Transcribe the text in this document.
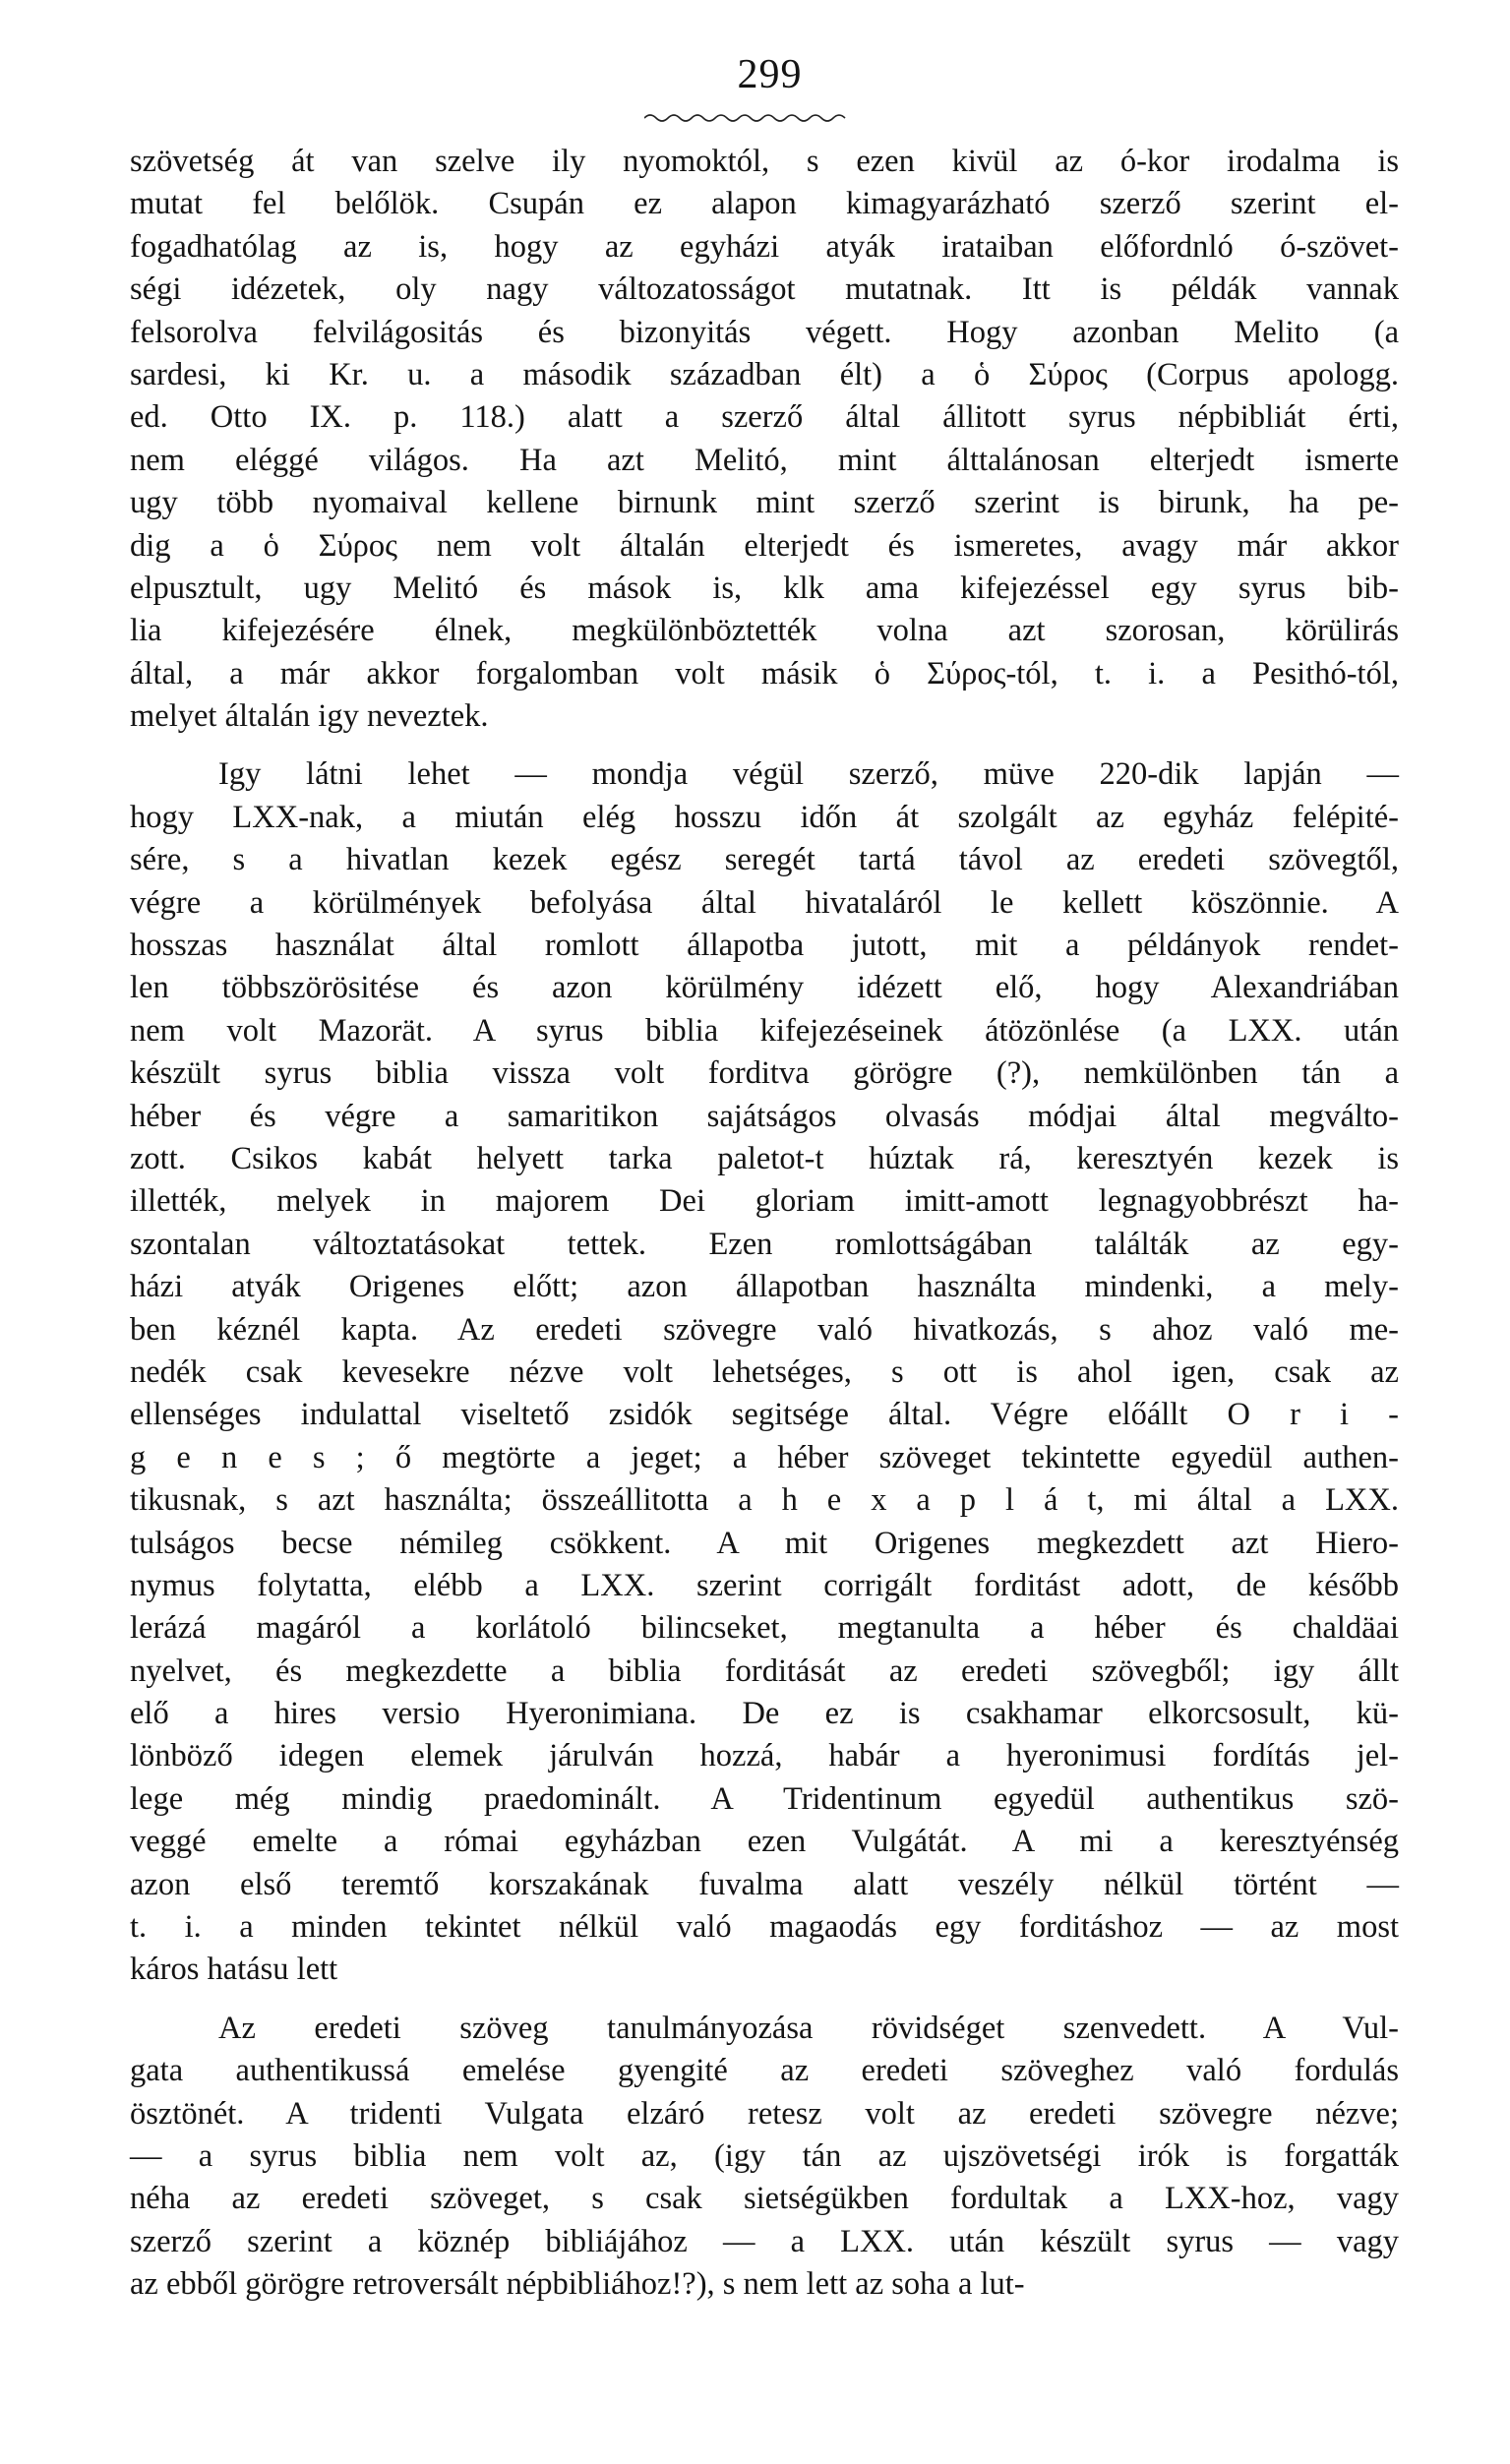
299
szövetség át van szelve ily nyomoktól, s ezen kivül az ó-kor irodalma is
mutat fel belőlök. Csupán ez alapon kimagyarázható szerző szerint el-
fogadhatólag az is, hogy az egyházi atyák irataiban előfordnló ó-szövet-
ségi idézetek, oly nagy változatosságot mutatnak. Itt is példák vannak
felsorolva felvilágositás és bizonyitás végett. Hogy azonban Melito (a
sardesi, ki Kr. u. a második században élt) a ὁ Σύρος (Corpus apologg.
ed. Otto IX. p. 118.) alatt a szerző által állitott syrus népbibliát érti,
nem eléggé világos. Ha azt Melitó, mint álttalánosan elterjedt ismerte
ugy több nyomaival kellene birnunk mint szerző szerint is birunk, ha pe-
dig a ὁ Σύρος nem volt általán elterjedt és ismeretes, avagy már akkor
elpusztult, ugy Melitó és mások is, klk ama kifejezéssel egy syrus bib-
lia kifejezésére élnek, megkülönböztették volna azt szorosan, körülirás
által, a már akkor forgalomban volt másik ὁ Σύρος-tól, t. i. a Pesithó-tól,
melyet általán igy neveztek.
Igy látni lehet — mondja végül szerző, müve 220-dik lapján —
hogy LXX-nak, a miután elég hosszu időn át szolgált az egyház felépité-
sére, s a hivatlan kezek egész seregét tartá távol az eredeti szövegtől,
végre a körülmények befolyása által hivataláról le kellett köszönnie. A
hosszas használat által romlott állapotba jutott, mit a példányok rendet-
len többszörösitése és azon körülmény idézett elő, hogy Alexandriában
nem volt Mazorät. A syrus biblia kifejezéseinek átözönlése (a LXX. után
készült syrus biblia vissza volt forditva görögre (?), nemkülönben tán a
héber és végre a samaritikon sajátságos olvasás módjai által megválto-
zott. Csikos kabát helyett tarka paletot-t húztak rá, keresztyén kezek is
illették, melyek in majorem Dei gloriam imitt-amott legnagyobbrészt ha-
szontalan változtatásokat tettek. Ezen romlottságában találták az egy-
házi atyák Origenes előtt; azon állapotban használta mindenki, a mely-
ben kéznél kapta. Az eredeti szövegre való hivatkozás, s ahoz való me-
nedék csak kevesekre nézve volt lehetséges, s ott is ahol igen, csak az
ellenséges indulattal viseltető zsidók segitsége által. Végre előállt O r i -
g e n e s ; ő megtörte a jeget; a héber szöveget tekintette egyedül authen-
tikusnak, s azt használta; összeállitotta a h e x a p l á t, mi által a LXX.
tulságos becse némileg csökkent. A mit Origenes megkezdett azt Hiero-
nymus folytatta, elébb a LXX. szerint corrigált forditást adott, de később
lerázá magáról a korlátoló bilincseket, megtanulta a héber és chaldäai
nyelvet, és megkezdette a biblia forditását az eredeti szövegből; igy állt
elő a hires versio Hyeronimiana. De ez is csakhamar elkorcsosult, kü-
lönböző idegen elemek járulván hozzá, habár a hyeronimusi fordítás jel-
lege még mindig praedominált. A Tridentinum egyedül authentikus szö-
veggé emelte a római egyházban ezen Vulgátát. A mi a keresztyénség
azon első teremtő korszakának fuvalma alatt veszély nélkül történt —
t. i. a minden tekintet nélkül való magaodás egy forditáshoz — az most
káros hatásu lett
Az eredeti szöveg tanulmányozása rövidséget szenvedett. A Vul-
gata authentikussá emelése gyengité az eredeti szöveghez való fordulás
ösztönét. A tridenti Vulgata elzáró retesz volt az eredeti szövegre nézve;
— a syrus biblia nem volt az, (igy tán az ujszövetségi irók is forgatták
néha az eredeti szöveget, s csak sietségükben fordultak a LXX-hoz, vagy
szerző szerint a köznép bibliájához — a LXX. után készült syrus — vagy
az ebből görögre retroversált népbibliához!?), s nem lett az soha a lut-
